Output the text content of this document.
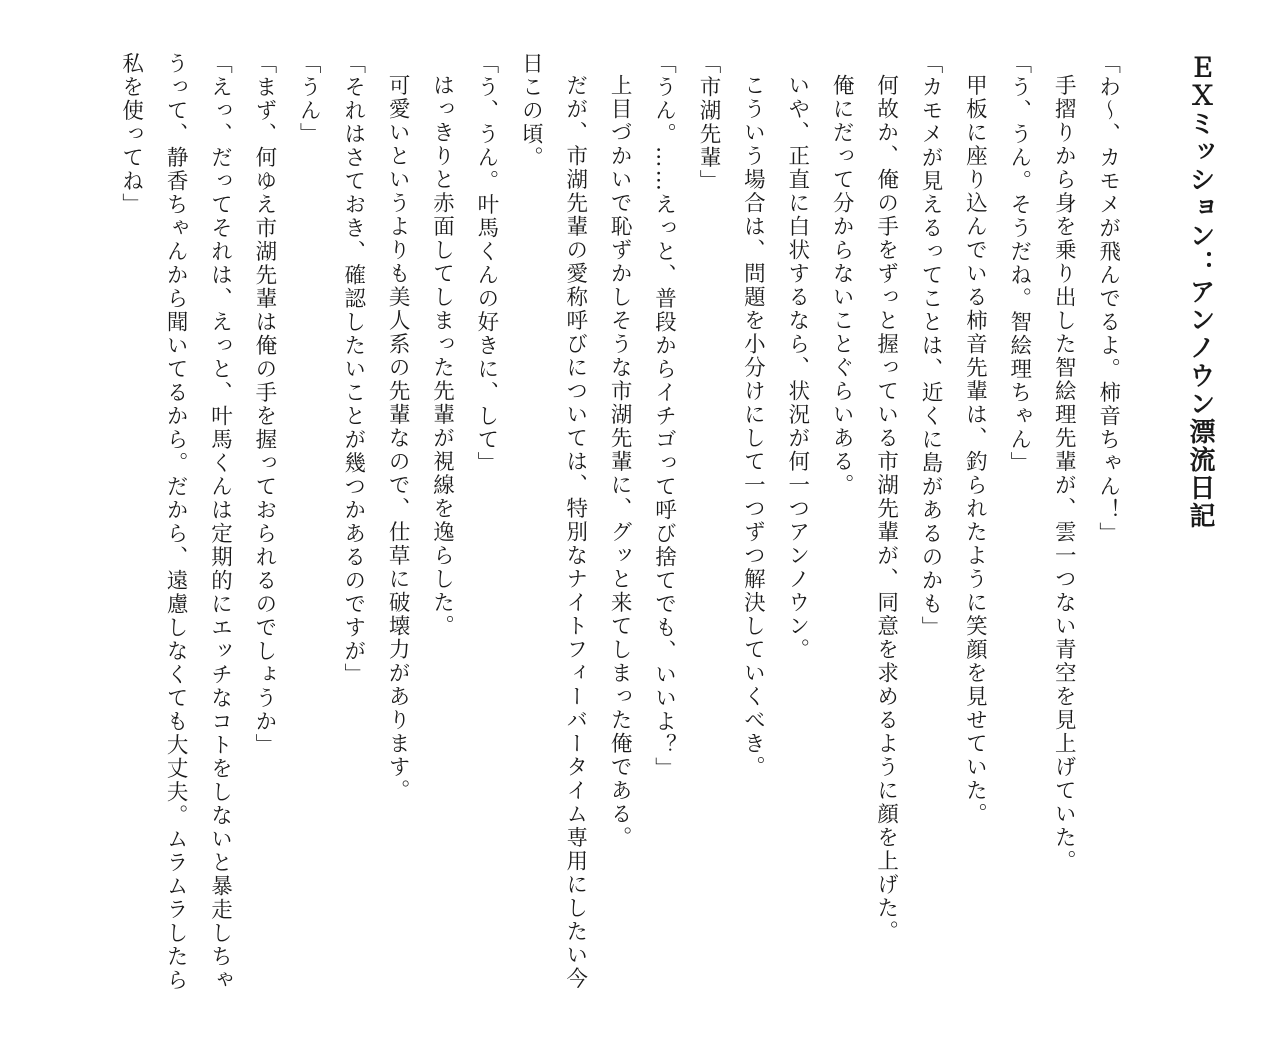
ＥＸミッション：アンノウン漂流日記

「わ～、カモメが飛んでるよ。柿音ちゃん！」

手摺りから身を乗り出した智絵理先輩が、雲一つない青空を見上げていた。

「う、うん。そうだね。智絵理ちゃん」

甲板に座り込んでいる柿音先輩は、釣られたように笑顔を見せていた。

「カモメが見えるってことは、近くに島があるのかも」

何故か、俺の手をずっと握っている市湖先輩が、同意を求めるように顔を上げた。

俺にだって分からないことぐらいある。

いや、正直に白状するなら、状況が何一つアンノウン。

こういう場合は、問題を小分けにして一つずつ解決していくべき。

「市湖先輩」

「うん。……えっと、普段からイチゴって呼び捨てでも、いいよ？」

上目づかいで恥ずかしそうな市湖先輩に、グッと来てしまった俺である。

だが、市湖先輩の愛称呼びについては、特別なナイトフィーバータイム専用にしたい今日この頃。

「う、うん。叶馬くんの好きに、して」

はっきりと赤面してしまった先輩が視線を逸らした。

可愛いというよりも美人系の先輩なので、仕草に破壊力があります。

「それはさておき、確認したいことが幾つかあるのですが」

「うん」

「まず、何ゆえ市湖先輩は俺の手を握っておられるのでしょうか」

「えっ、だってそれは、えっと、叶馬くんは定期的にエッチなコトをしないと暴走しちゃうって、静香ちゃんから聞いてるから。だから、遠慮しなくても大丈夫。ムラムラしたら私を使ってね」
